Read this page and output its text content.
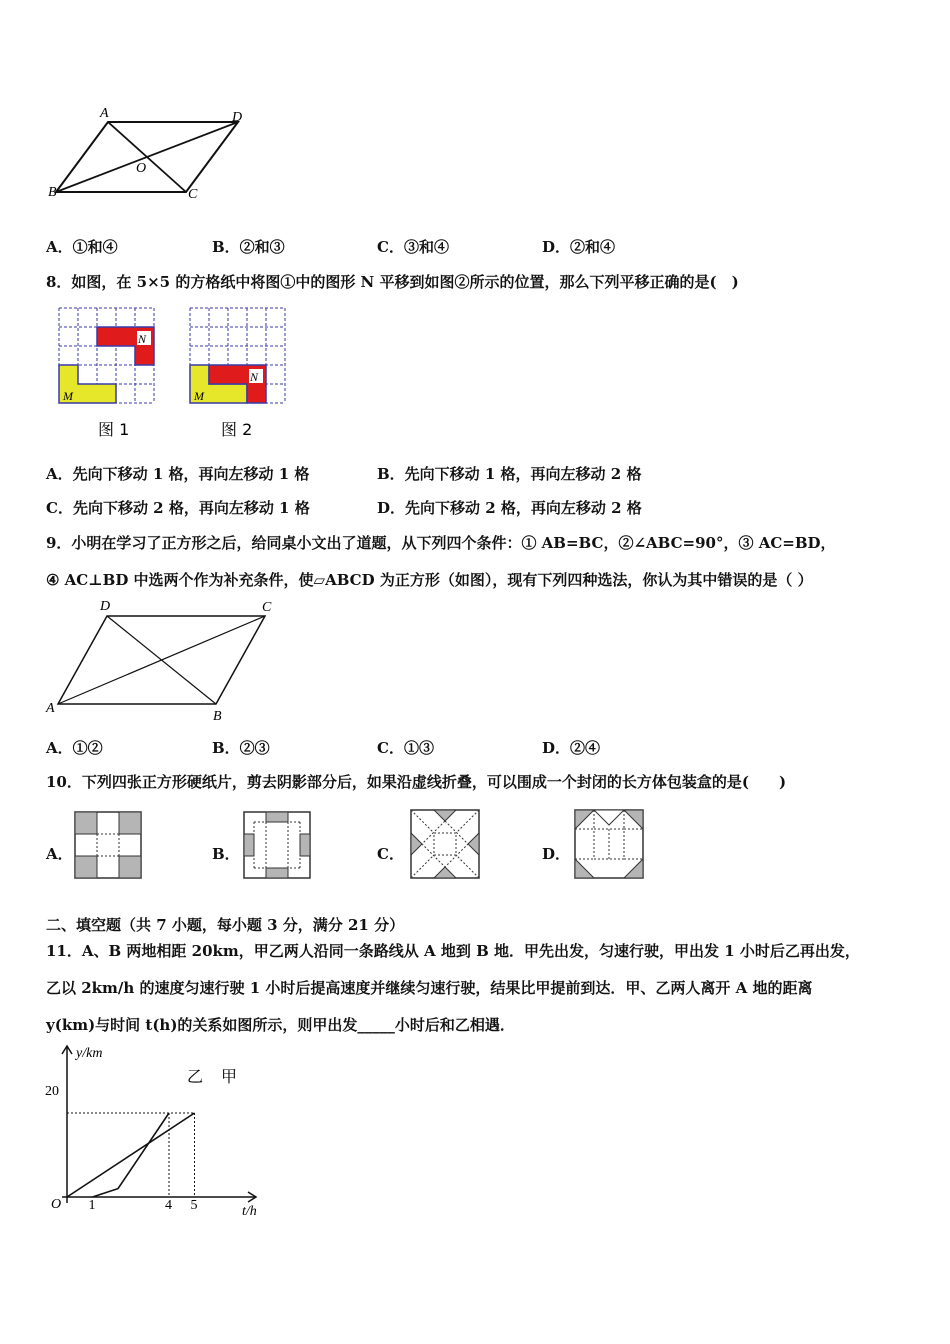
A	D
B	C
O
A．①和④	B．②和③	C．③和④	D．②和④
8．如图，在 5×5 的方格纸中将图①中的图形 N 平移到如图②所示的位置，那么下列平移正确的是(　)
N
M
图 1
N
M
图 2
A．先向下移动 1 格，再向左移动 1 格	B．先向下移动 1 格，再向左移动 2 格
C．先向下移动 2 格，再向左移动 1 格	D．先向下移动 2 格，再向左移动 2 格
9．小明在学习了正方形之后，给同桌小文出了道题，从下列四个条件：① AB=BC，②∠ABC=90°，③ AC=BD，
④ AC⊥BD 中选两个作为补充条件，使▱ABCD 为正方形（如图），现有下列四种选法，你认为其中错误的是（ ）
D	C
A
B
A．①②	B．②③	C．①③	D．②④
10．下列四张正方形硬纸片，剪去阴影部分后，如果沿虚线折叠，可以围成一个封闭的长方体包装盒的是(　　)
A．	B．	C．	D．
二、填空题（共 7 小题，每小题 3 分，满分 21 分）
11．A、B 两地相距 20km，甲乙两人沿同一条路线从 A 地到 B 地．甲先出发，匀速行驶，甲出发 1 小时后乙再出发，
乙以 2km/h 的速度匀速行驶 1 小时后提高速度并继续匀速行驶，结果比甲提前到达．甲、乙两人离开 A 地的距离
y(km)与时间 t(h)的关系如图所示，则甲出发_____小时后和乙相遇．
y/km
t/h
O
20
1	4 5
乙 甲
